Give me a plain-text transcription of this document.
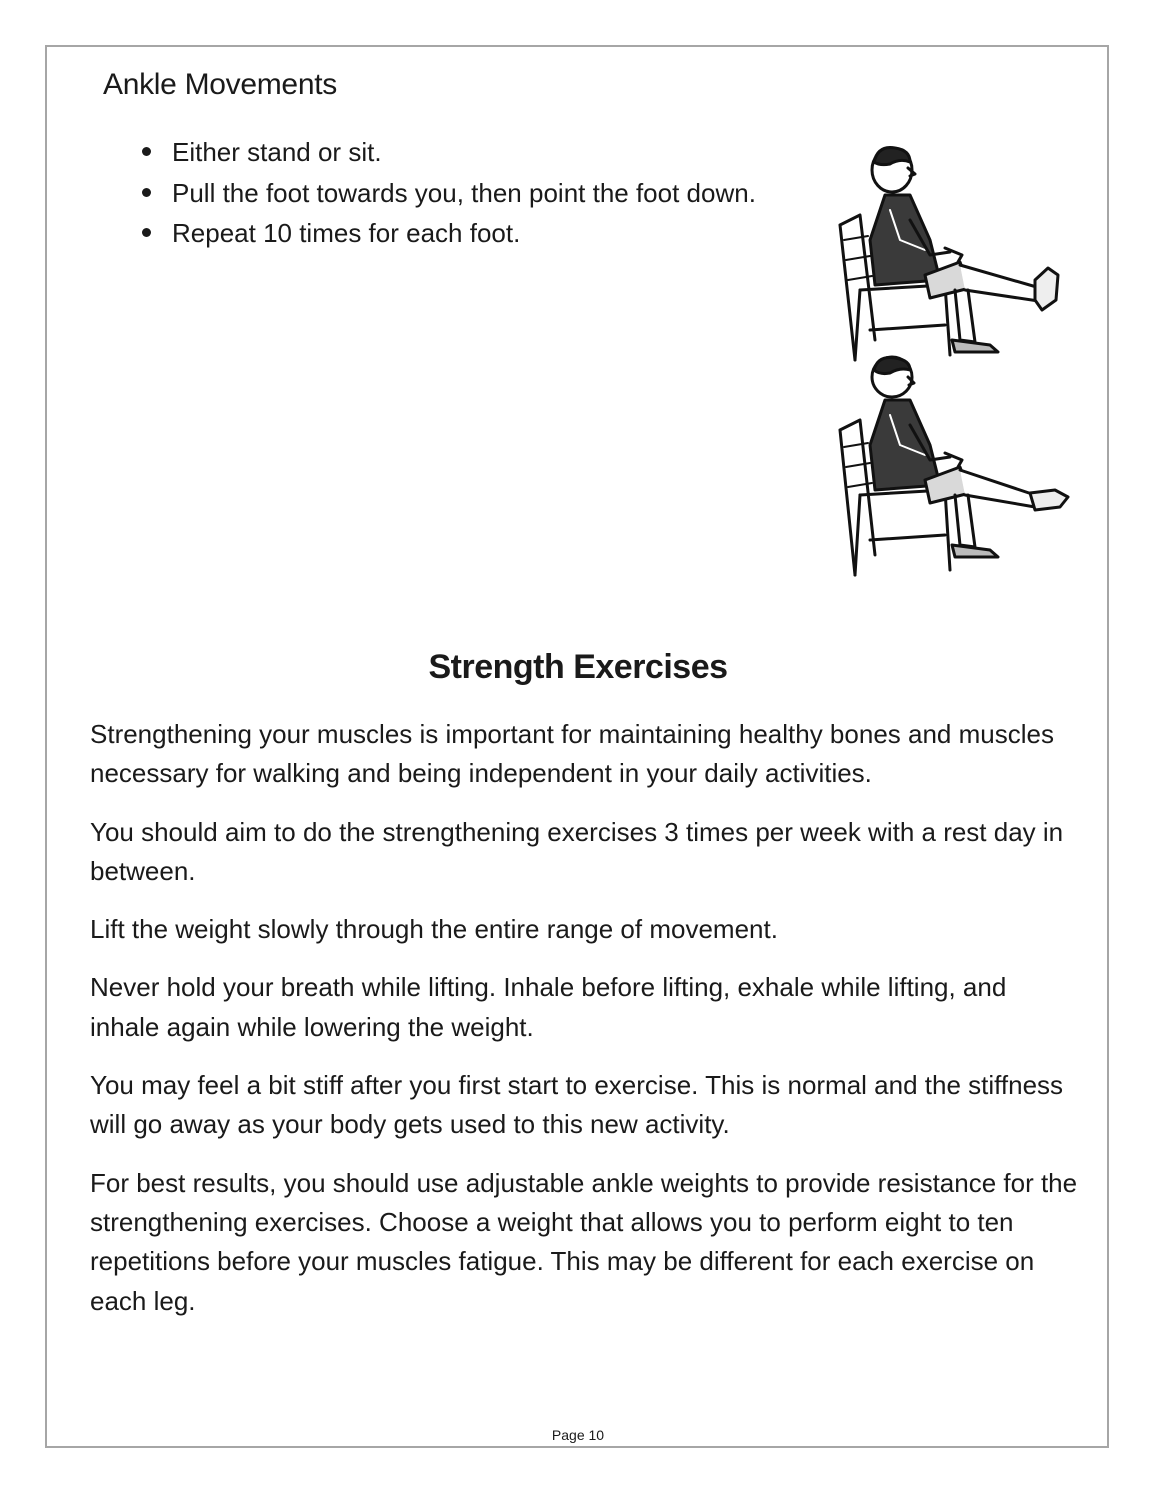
Ankle Movements
Either stand or sit.
Pull the foot towards you, then point the foot down.
Repeat 10 times for each foot.
Strength Exercises

Strengthening your muscles is important for maintaining healthy bones and muscles necessary for walking and being independent in your daily activities.

You should aim to do the strengthening exercises 3 times per week with a rest day in between.

Lift the weight slowly through the entire range of movement.

Never hold your breath while lifting. Inhale before lifting, exhale while lifting, and inhale again while lowering the weight.

You may feel a bit stiff after you first start to exercise. This is normal and the stiffness will go away as your body gets used to this new activity.

For best results, you should use adjustable ankle weights to provide resistance for the strengthening exercises. Choose a weight that allows you to perform eight to ten repetitions before your muscles fatigue. This may be different for each exercise on each leg.

Page 10
